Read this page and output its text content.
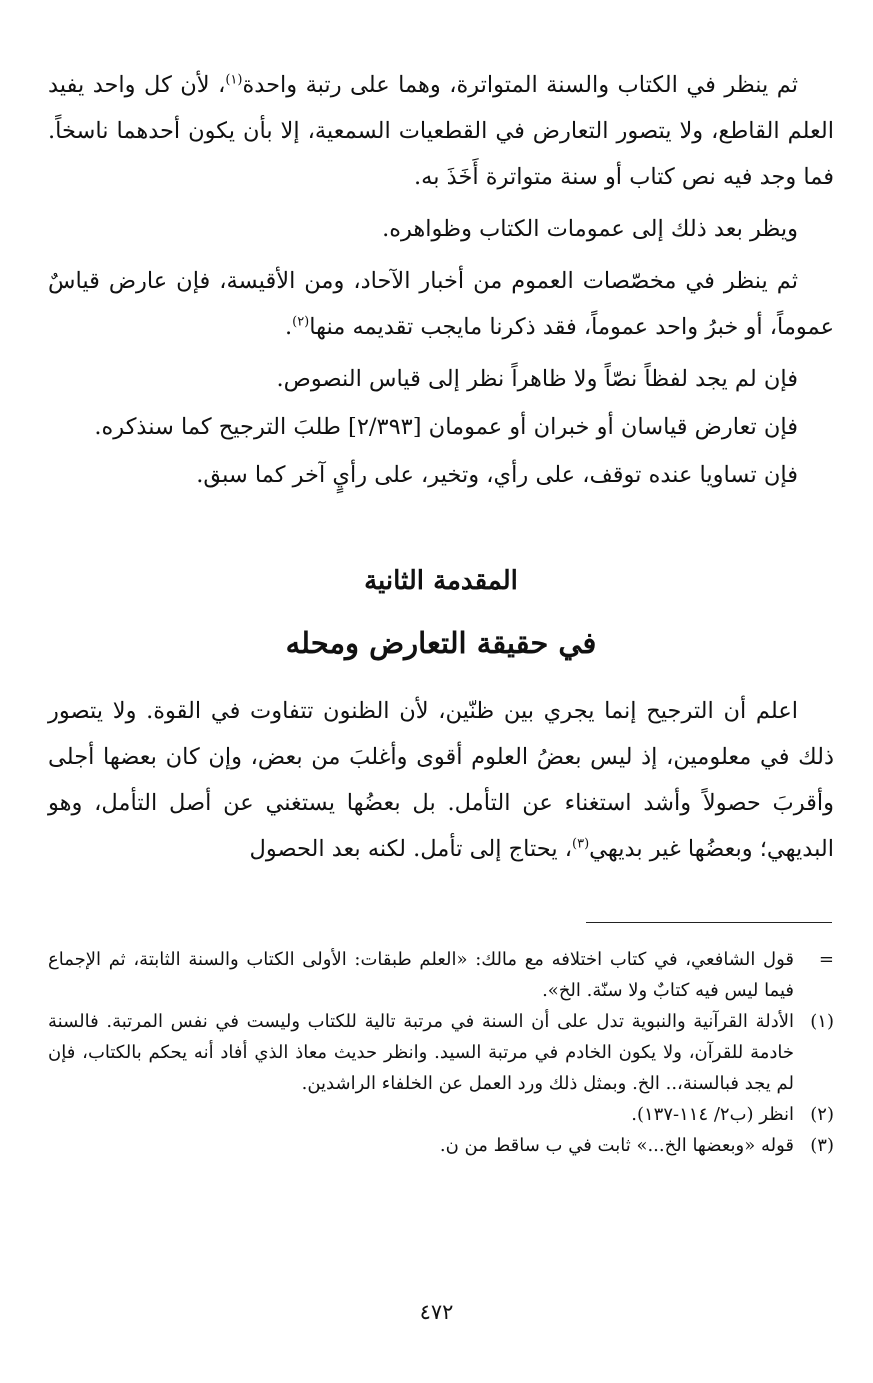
ثم ينظر في الكتاب والسنة المتواترة، وهما على رتبة واحدة$^{(١)}$، لأن كل واحد يفيد العلم القاطع، ولا يتصور التعارض في القطعيات السمعية، إلا بأن يكون أحدهما ناسخاً. فما وجد فيه نص كتاب أو سنة متواترة أَخَذَ به.

ويظر بعد ذلك إلى عمومات الكتاب وظواهره.

ثم ينظر في مخصّصات العموم من أخبار الآحاد، ومن الأقيسة، فإن عارض قياسٌ عموماً، أو خبرُ واحد عموماً، فقد ذكرنا مايجب تقديمه منها$^{(٢)}$.

فإن لم يجد لفظاً نصّاً ولا ظاهراً نظر إلى قياس النصوص.

فإن تعارض قياسان أو خبران أو عمومان [٢/٣٩٣] طلبَ الترجيح كما سنذكره.

فإن تساويا عنده توقف، على رأي، وتخير، على رأيٍ آخر كما سبق.

المقدمة الثانية
في حقيقة التعارض ومحله

اعلم أن الترجيح إنما يجري بين ظنّين، لأن الظنون تتفاوت في القوة. ولا يتصور ذلك في معلومين، إذ ليس بعضُ العلوم أقوى وأغلبَ من بعض، وإن كان بعضها أجلى وأقربَ حصولاً وأشد استغناء عن التأمل. بل بعضُها يستغني عن أصل التأمل، وهو البديهي؛ وبعضُها غير بديهي$^{(٣)}$، يحتاج إلى تأمل. لكنه بعد الحصول

=
قول الشافعي، في كتاب اختلافه مع مالك: «العلم طبقات: الأولى الكتاب والسنة الثابتة، ثم الإجماع فيما ليس فيه كتابٌ ولا سنّة. الخ».
(١)
الأدلة القرآنية والنبوية تدل على أن السنة في مرتبة تالية للكتاب وليست في نفس المرتبة. فالسنة خادمة للقرآن، ولا يكون الخادم في مرتبة السيد. وانظر حديث معاذ الذي أفاد أنه يحكم بالكتاب، فإن لم يجد فبالسنة،.. الخ. وبمثل ذلك ورد العمل عن الخلفاء الراشدين.
(٢)
انظر (ب٢/ ١١٤-١٣٧).
(٣)
قوله «وبعضها الخ...» ثابت في ب ساقط من ن.
٤٧٢
